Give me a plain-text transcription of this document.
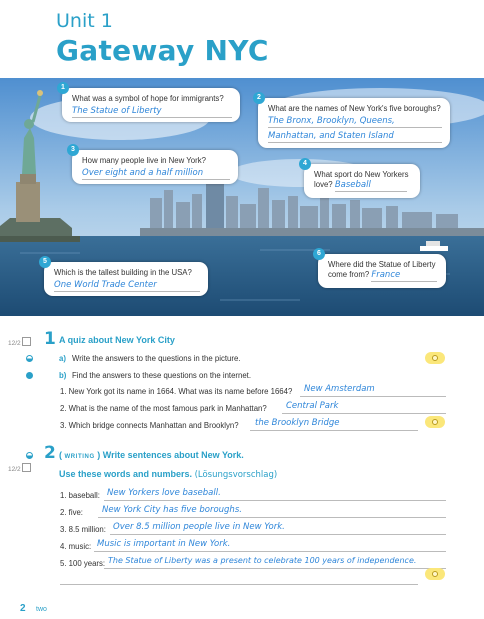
Unit 1
Gateway NYC
1
What was a symbol of hope for immigrants?
The Statue of Liberty
2
What are the names of New York's five boroughs?
The Bronx, Brooklyn, Queens,
Manhattan, and Staten Island
3
How many people live in New York?
Over eight and a half million
4
What sport do New Yorkers
love? Baseball
5
Which is the tallest building in the USA?
One World Trade Center
6
Where did the Statue of Liberty
come from? France
12/2	1 A quiz about New York City
a) Write the answers to the questions in the picture.
b) Find the answers to these questions on the internet.
1. New York got its name in 1664. What was its name before 1664? New Amsterdam
2. What is the name of the most famous park in Manhattan? Central Park
3. Which bridge connects Manhattan and Brooklyn? the Brooklyn Bridge
12/2
2 ( WRITING ) Write sentences about New York.
Use these words and numbers. (Lösungsvorschlag)
1. baseball: New Yorkers love baseball.
2. five: New York City has five boroughs.
3. 8.5 million: Over 8.5 million people live in New York.
4. music: Music is important in New York.
5. 100 years: The Statue of Liberty was a present to celebrate 100 years of independence.
2 two
